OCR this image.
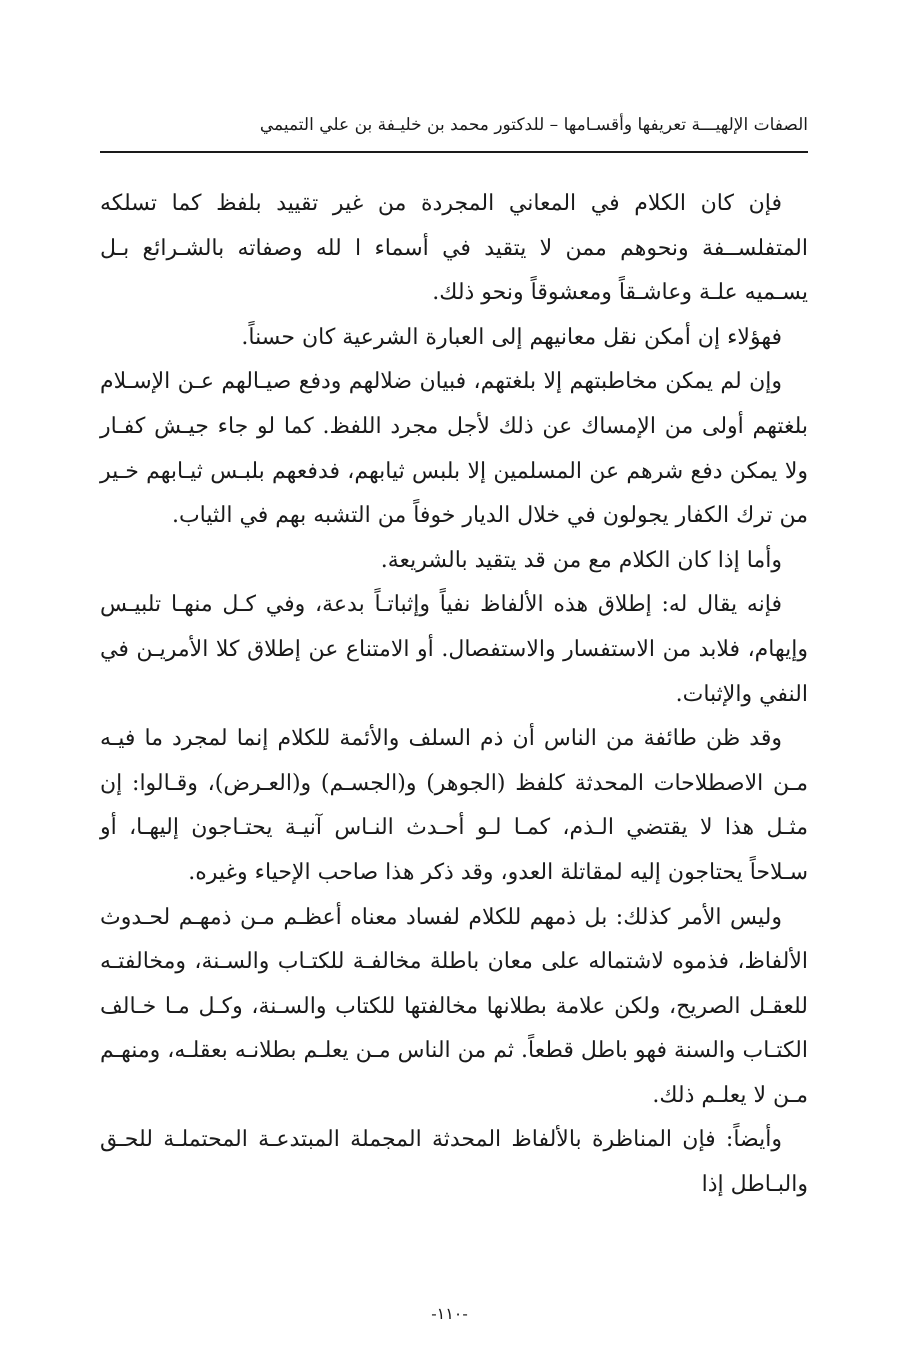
الصفات الإلهيـــة تعريفها وأقسـامها – للدكتور محمد بن خليـفة بن علي التميمي

فإن كان الكلام في المعاني المجردة من غير تقييد بلفظ كما تسلكه المتفلســفة ونحوهم ممن لا يتقيد في أسماء ا لله وصفاته بالشـرائع بـل يسـميه علـة وعاشـقاً ومعشوقاً ونحو ذلك.

فهؤلاء إن أمكن نقل معانيهم إلى العبارة الشرعية كان حسناً.

وإن لم يمكن مخاطبتهم إلا بلغتهم، فبيان ضلالهم ودفع صيـالهم عـن الإسـلام بلغتهم أولى من الإمساك عن ذلك لأجل مجرد اللفظ. كما لو جاء جيـش كفـار ولا يمكن دفع شرهم عن المسلمين إلا بلبس ثيابهم، فدفعهم بلبـس ثيـابهم خـير من ترك الكفار يجولون في خلال الديار خوفاً من التشبه بهم في الثياب.

وأما إذا كان الكلام مع من قد يتقيد بالشريعة.

فإنه يقال له: إطلاق هذه الألفاظ نفياً وإثباتـاً بدعة، وفي كـل منهـا تلبيـس وإيهام، فلابد من الاستفسار والاستفصال. أو الامتناع عن إطلاق كلا الأمريـن في النفي والإثبات.

وقد ظن طائفة من الناس أن ذم السلف والأئمة للكلام إنما لمجرد ما فيـه مـن الاصطلاحات المحدثة كلفظ (الجوهر) و(الجسـم) و(العـرض)، وقـالوا: إن مثـل هذا لا يقتضي الـذم، كمـا لـو أحـدث النـاس آنيـة يحتـاجون إليهـا، أو سـلاحاً يحتاجون إليه لمقاتلة العدو، وقد ذكر هذا صاحب الإحياء وغيره.

وليس الأمر كذلك: بل ذمهم للكلام لفساد معناه أعظـم مـن ذمهـم لحـدوث الألفاظ، فذموه لاشتماله على معان باطلة مخالفـة للكتـاب والسـنة، ومخالفتـه للعقـل الصريح، ولكن علامة بطلانها مخالفتها للكتاب والسـنة، وكـل مـا خـالف الكتـاب والسنة فهو باطل قطعاً. ثم من الناس مـن يعلـم بطلانـه بعقلـه، ومنهـم مـن لا يعلـم ذلك.

وأيضاً: فإن المناظرة بالألفاظ المحدثة المجملة المبتدعـة المحتملـة للحـق والبـاطل إذا

-١١٠-
